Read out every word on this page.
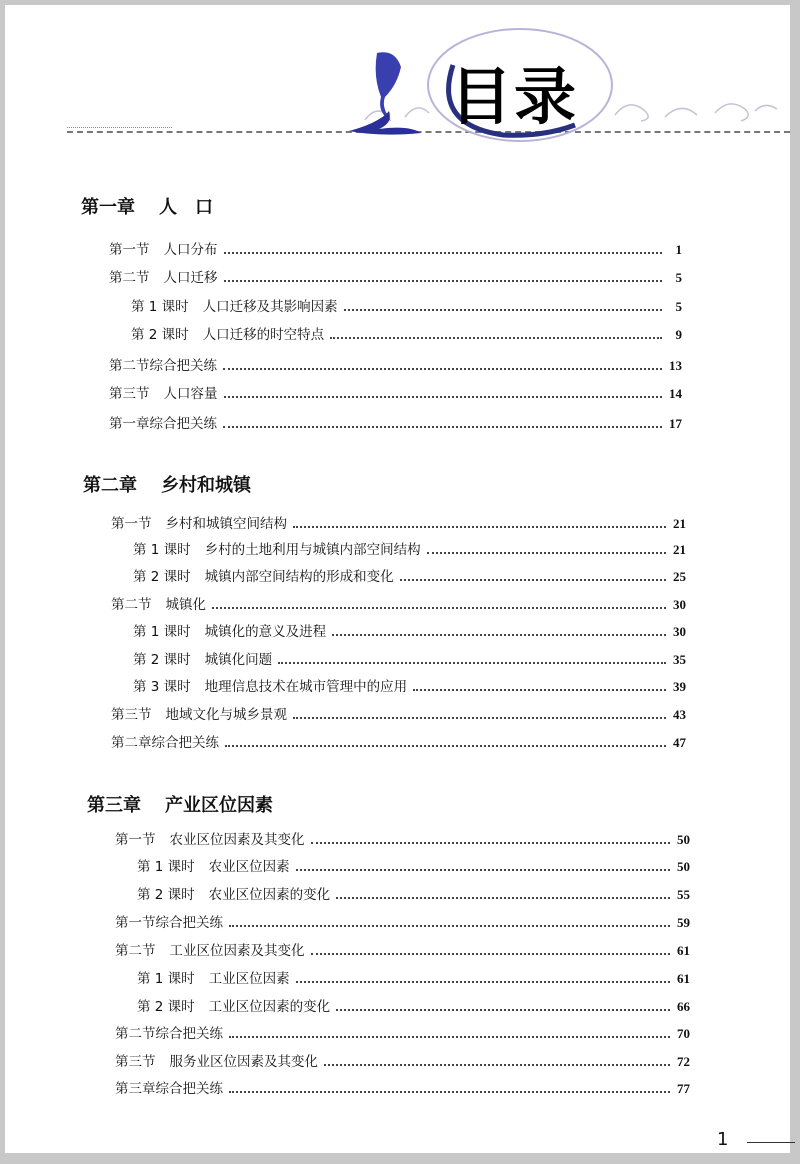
目录
第一章 人　口
第一节 人口分布	1
第二节 人口迁移	5
第 1 课时 人口迁移及其影响因素	5
第 2 课时 人口迁移的时空特点	9
第二节综合把关练	13
第三节 人口容量	14
第一章综合把关练	17
第二章 乡村和城镇
第一节 乡村和城镇空间结构	21
第 1 课时 乡村的土地利用与城镇内部空间结构	21
第 2 课时 城镇内部空间结构的形成和变化	25
第二节 城镇化	30
第 1 课时 城镇化的意义及进程	30
第 2 课时 城镇化问题	35
第 3 课时 地理信息技术在城市管理中的应用	39
第三节 地域文化与城乡景观	43
第二章综合把关练	47
第三章 产业区位因素
第一节 农业区位因素及其变化	50
第 1 课时 农业区位因素	50
第 2 课时 农业区位因素的变化	55
第一节综合把关练	59
第二节 工业区位因素及其变化	61
第 1 课时 工业区位因素	61
第 2 课时 工业区位因素的变化	66
第二节综合把关练	70
第三节 服务业区位因素及其变化	72
第三章综合把关练	77
1
